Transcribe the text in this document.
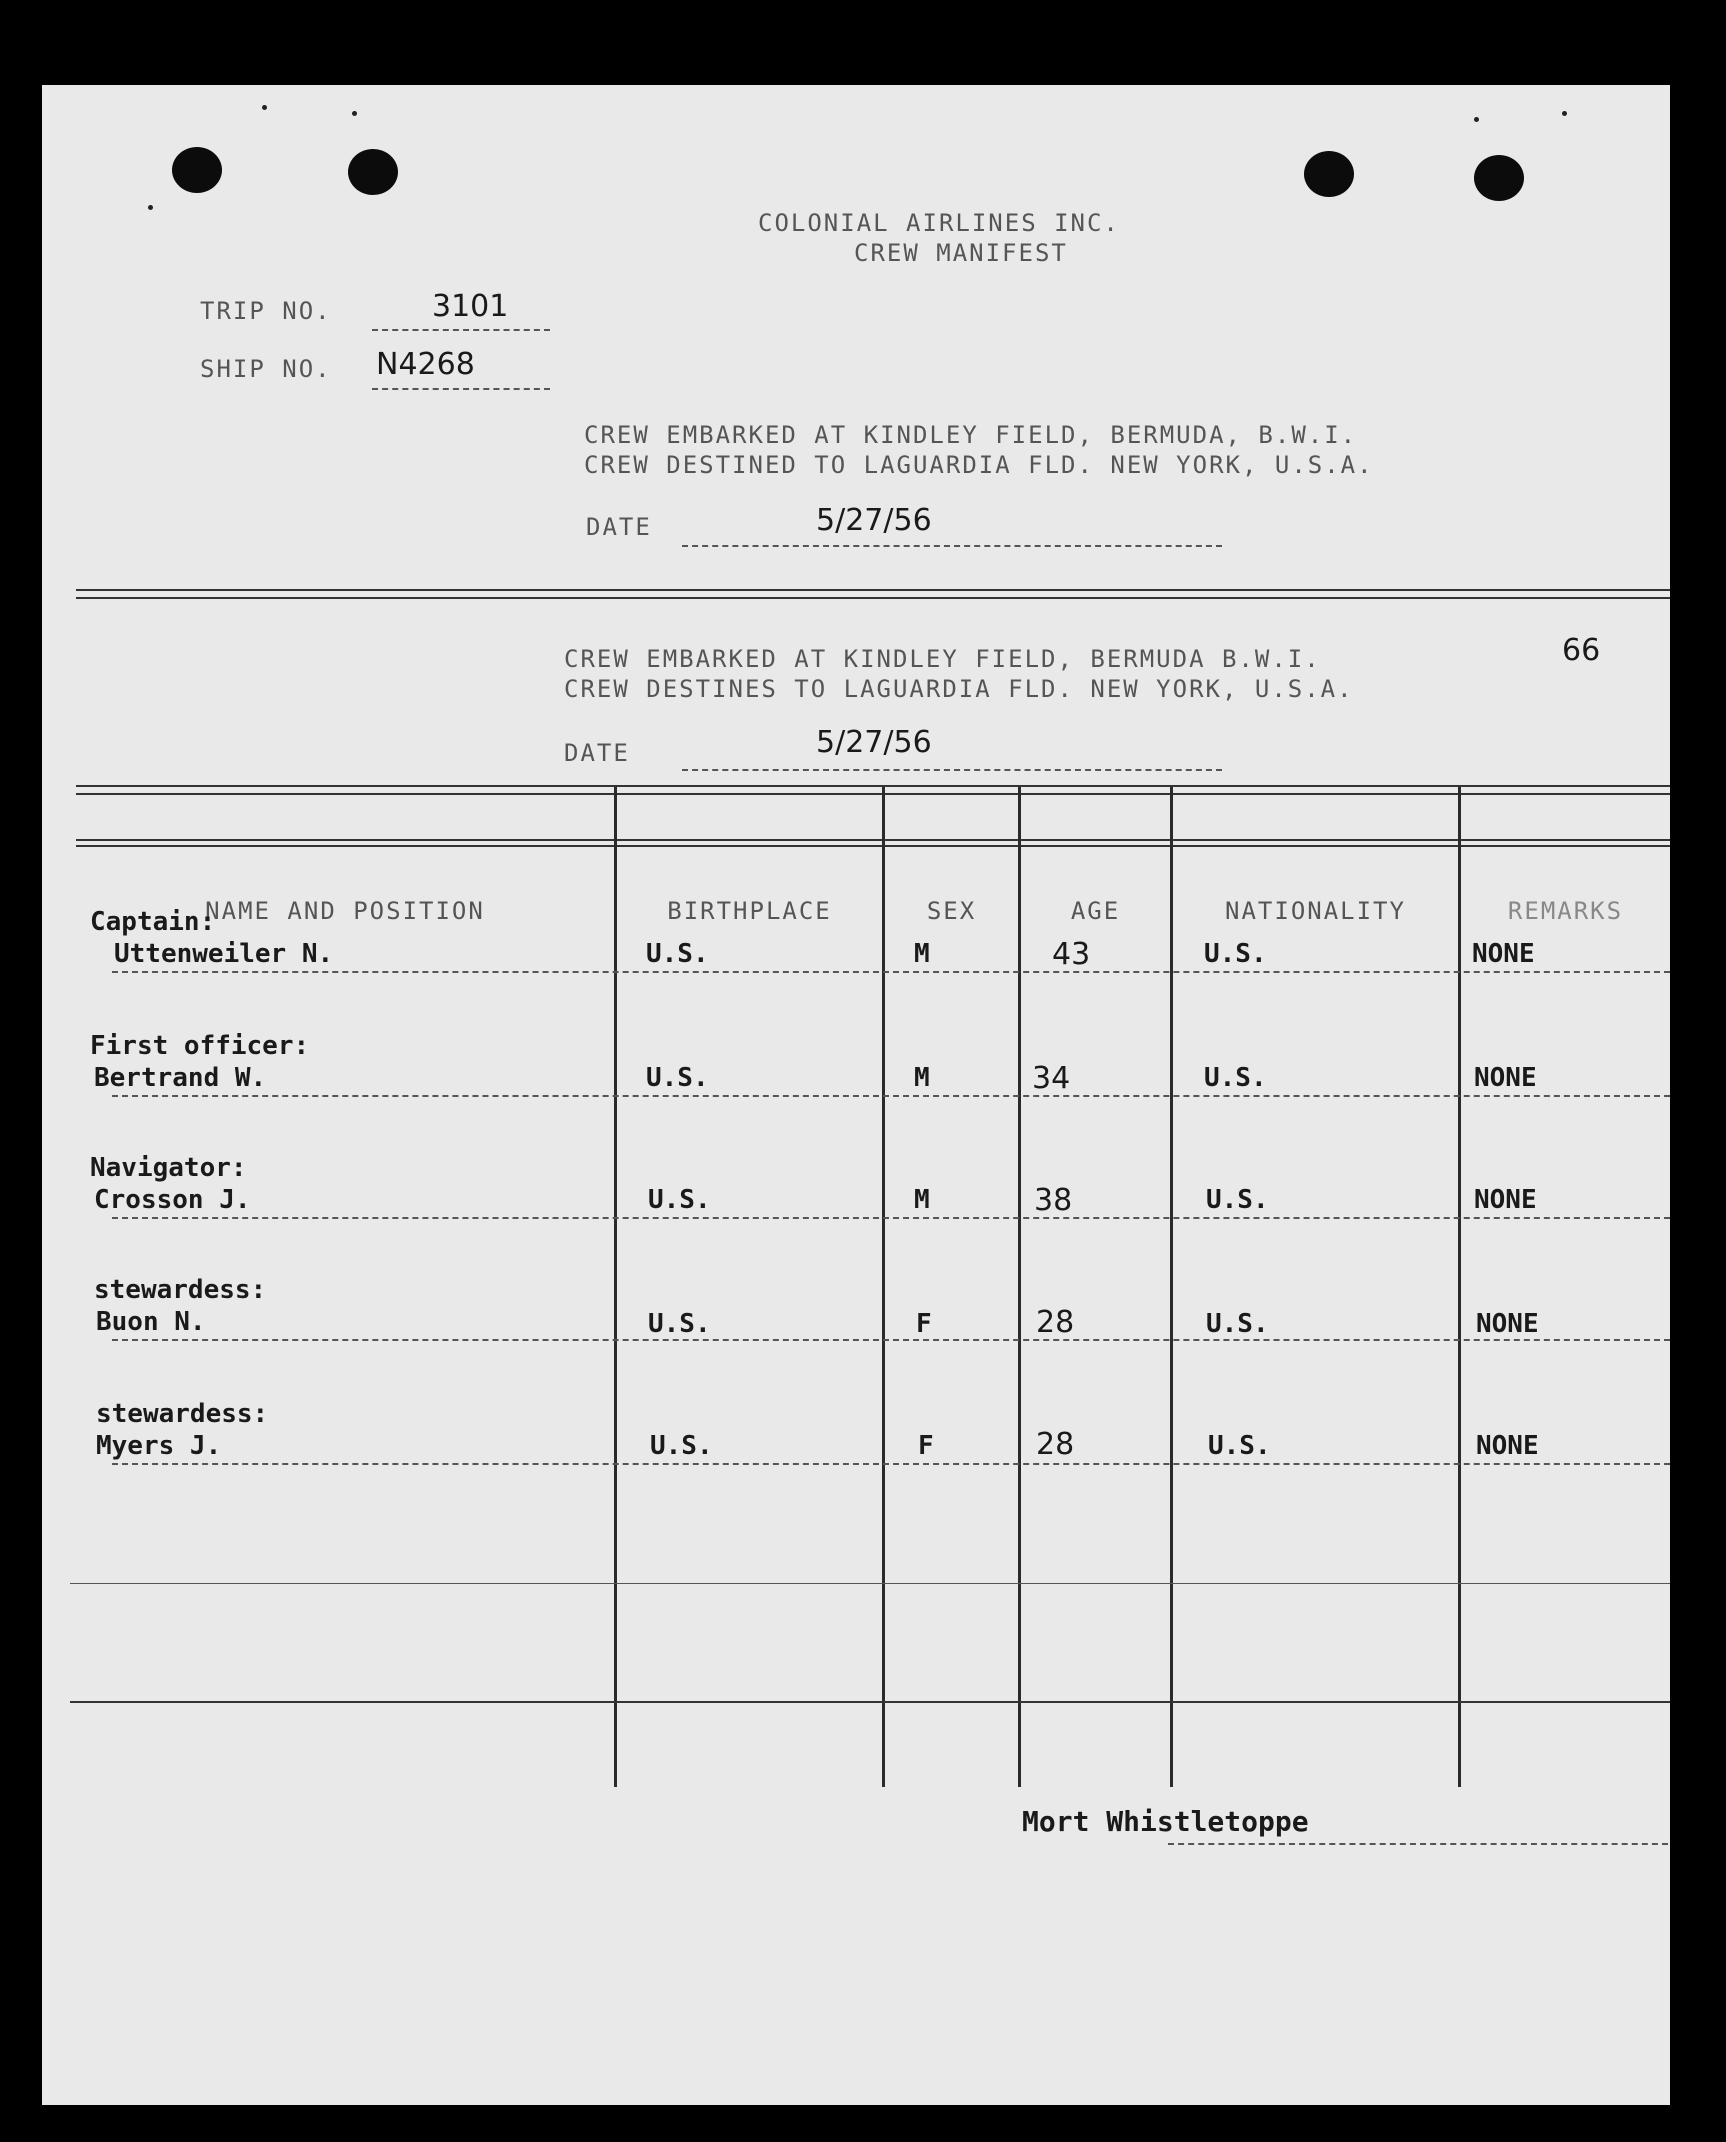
COLONIAL AIRLINES INC.
CREW MANIFEST
TRIP NO.	3101
SHIP NO. N4268
CREW EMBARKED AT KINDLEY FIELD, BERMUDA, B.W.I.
CREW DESTINED TO LAGUARDIA FLD. NEW YORK, U.S.A.
DATE	5/27/56
CREW EMBARKED AT KINDLEY FIELD, BERMUDA B.W.I.
CREW DESTINES TO LAGUARDIA FLD. NEW YORK, U.S.A.
66
DATE	5/27/56
NAME AND POSITION	BIRTHPLACE	SEX	AGE	NATIONALITY	REMARKS
Captain:
Uttenweiler N.	U.S.	M	43	U.S.	NONE
First officer:
Bertrand W.	U.S.	M	34	U.S.	NONE
Navigator:
Crosson J.	U.S.	M	38	U.S.	NONE
stewardess:
Buon N.	U.S.	F	28	U.S.	NONE
stewardess:
Myers J.	U.S.	F	28	U.S.	NONE
Mort Whistletoppe
